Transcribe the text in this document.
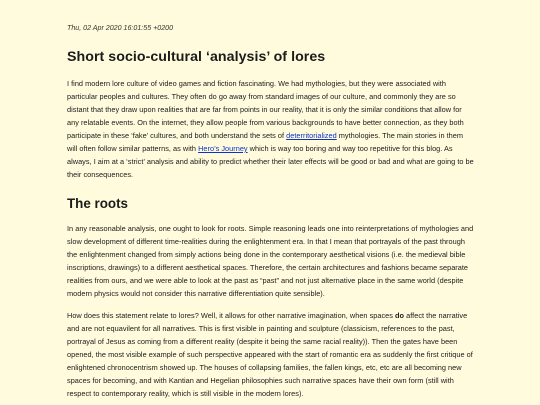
Thu, 02 Apr 2020 16:01:55 +0200
Short socio-cultural ‘analysis’ of lores

I find modern lore culture of video games and fiction fascinating. We had mythologies, but they were associated with particular peoples and cultures. They often do go away from standard images of our culture, and commonly they are so distant that they draw upon realities that are far from points in our reality, that it is only the similar conditions that allow for any relatable events. On the internet, they allow people from various backgrounds to have better connection, as they both participate in these ‘fake’ cultures, and both understand the sets of deterritorialized mythologies. The main stories in them will often follow similar patterns, as with Hero’s Journey which is way too boring and way too repetitive for this blog. As always, I aim at a ‘strict’ analysis and ability to predict whether their later effects will be good or bad and what are going to be their consequences.

The roots

In any reasonable analysis, one ought to look for roots. Simple reasoning leads one into reinterpretations of mythologies and slow development of different time-realities during the enlightenment era. In that I mean that portrayals of the past through the enlightenment changed from simply actions being done in the contemporary aesthetical visions (i.e. the medieval bible inscriptions, drawings) to a different aesthetical spaces. Therefore, the certain architectures and fashions became separate realities from ours, and we were able to look at the past as “past” and not just alternative place in the same world (despite modern physics would not consider this narrative differentiation quite sensible).

How does this statement relate to lores? Well, it allows for other narrative imagination, when spaces do affect the narrative and are not equavilent for all narratives. This is first visible in painting and sculpture (classicism, references to the past, portrayal of Jesus as coming from a different reality (despite it being the same racial reality)). Then the gates have been opened, the most visible example of such perspective appeared with the start of romantic era as suddenly the first critique of enlightened chronocentrism showed up. The houses of collapsing families, the fallen kings, etc, etc are all becoming new spaces for becoming, and with Kantian and Hegelian philosophies such narrative spaces have their own form (still with respect to contemporary reality, which is still visible in the modern lores).
